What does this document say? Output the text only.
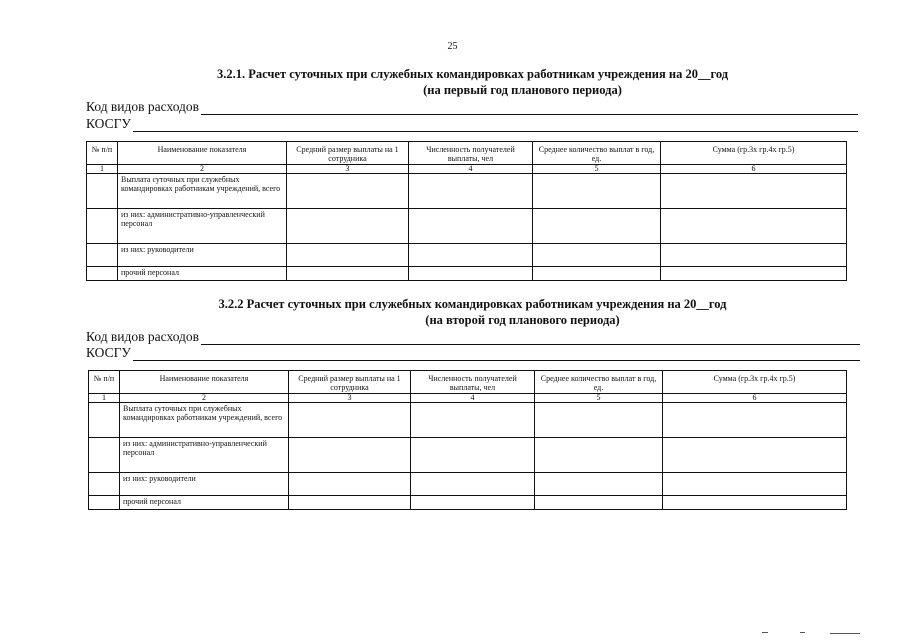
25
3.2.1. Расчет суточных при служебных командировках работникам учреждения на 20__год
(на первый год планового периода)
Код видов расходов
КОСГУ
№ п/п	Наименование показателя	Средний размер выплаты на 1 сотрудника	Численность получателей выплаты, чел	Среднее количество выплат в год, ед.	Сумма (гр.3х гр.4х гр.5)
1	2	3	4	5	6
	Выплата суточных при служебных командировках работникам учреждений, всего				
	из них: административно-управленческий персонал				
	из них: руководители				
	прочий персонал				
3.2.2 Расчет суточных при служебных командировках работникам учреждения на 20__год
(на второй год планового периода)
Код видов расходов
КОСГУ
№ п/п	Наименование показателя	Средний размер выплаты на 1 сотрудника	Численность получателей выплаты, чел	Среднее количество выплат в год, ед.	Сумма (гр.3х гр.4х гр.5)
1	2	3	4	5	6
	Выплата суточных при служебных командировках работникам учреждений, всего				
	из них: административно-управленческий персонал				
	из них: руководители				
	прочий персонал				
